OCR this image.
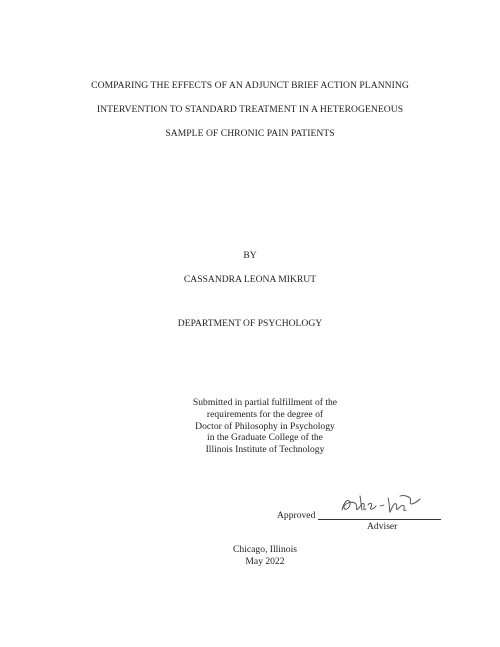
COMPARING THE EFFECTS OF AN ADJUNCT BRIEF ACTION PLANNING
INTERVENTION TO STANDARD TREATMENT IN A HETEROGENEOUS
SAMPLE OF CHRONIC PAIN PATIENTS
BY
CASSANDRA LEONA MIKRUT
DEPARTMENT OF PSYCHOLOGY
Submitted in partial fulfillment of the
requirements for the degree of
Doctor of Philosophy in Psychology
in the Graduate College of the
Illinois Institute of Technology
Approved
Adviser
Chicago, Illinois
May 2022
